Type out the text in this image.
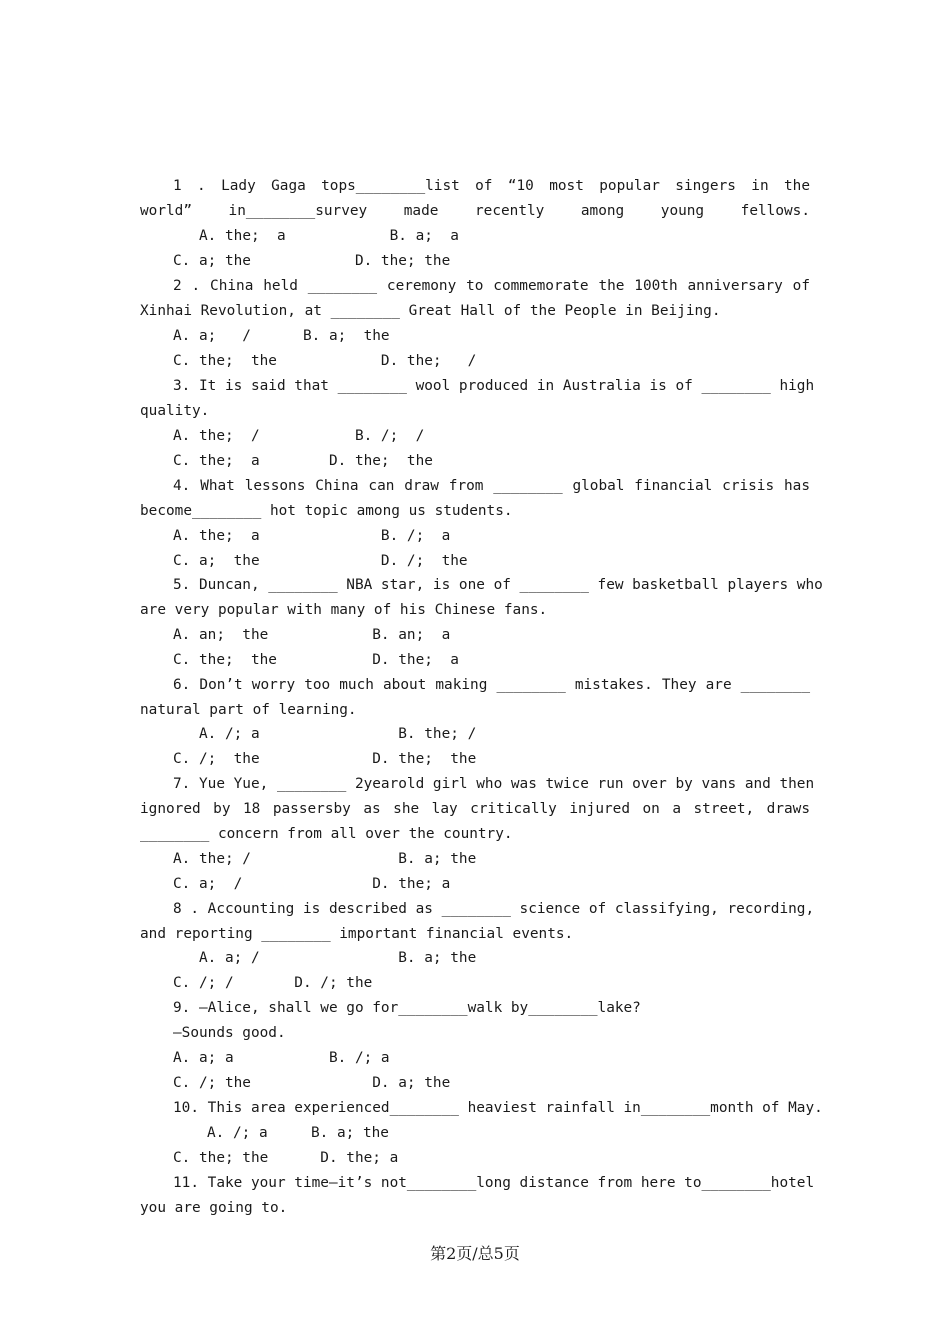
1 . Lady Gaga tops________list of “10 most popular singers in the
world” in________survey made recently among young fellows.
A. the;  a            B. a;  a
C. a; the            D. the; the
2 . China held ________ ceremony to commemorate the 100th anniversary of
Xinhai Revolution, at ________ Great Hall of the People in Beijing.
A. a;   /      B. a;  the
C. the;  the            D. the;   /
3. It is said that ________ wool produced in Australia is of ________ high
quality.
A. the;  /           B. /;  /
C. the;  a        D. the;  the
4. What lessons China can draw from ________ global financial crisis has
become________ hot topic among us students.
A. the;  a              B. /;  a
C. a;  the              D. /;  the
5. Duncan, ________ NBA star, is one of ________ few basketball players who
are very popular with many of his Chinese fans.
A. an;  the            B. an;  a
C. the;  the           D. the;  a
6. Don’t worry too much about making ________ mistakes. They are ________
natural part of learning.
A. /; a                B. the; /
C. /;  the             D. the;  the
7. Yue Yue, ________ 2yearold girl who was twice run over by vans and then
ignored by 18 passersby as she lay critically injured on a street, draws
________ concern from all over the country.
A. the; /                 B. a; the
C. a;  /               D. the; a
8 . Accounting is described as ________ science of classifying, recording,
and reporting ________ important financial events.
A. a; /                B. a; the
C. /; /       D. /; the
9. —Alice, shall we go for________walk by________lake?
—Sounds good.
A. a; a           B. /; a
C. /; the              D. a; the
10. This area experienced________ heaviest rainfall in________month of May.
A. /; a     B. a; the
C. the; the      D. the; a
11. Take your time—it’s not________long distance from here to________hotel
you are going to.
第2页/总5页
